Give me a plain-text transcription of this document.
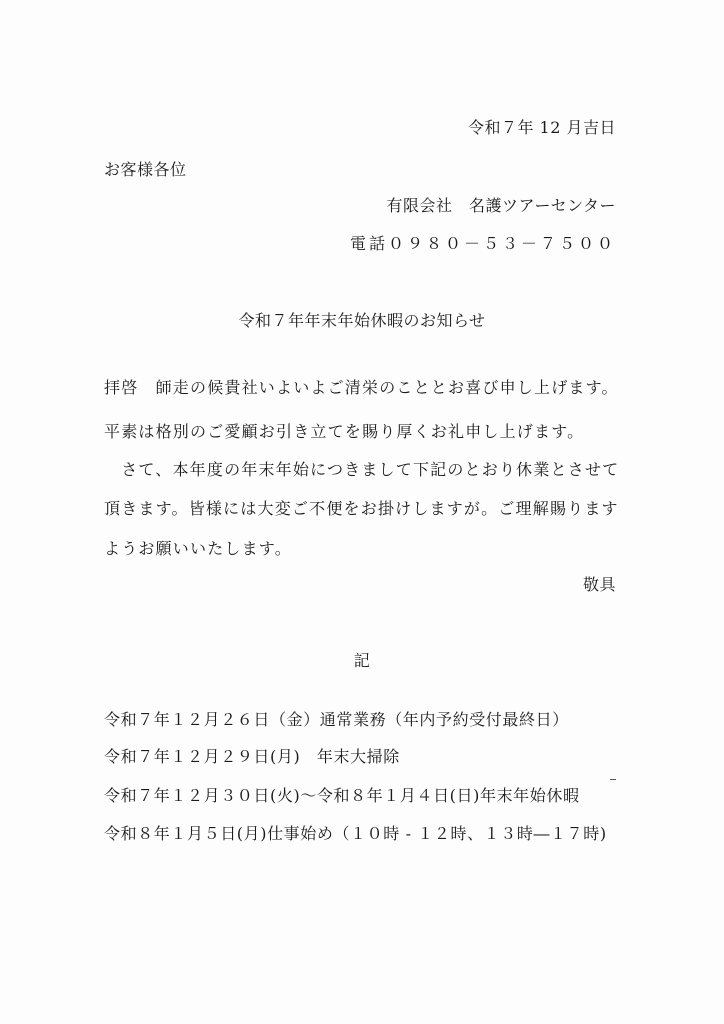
令和７年 12 月吉日
お客様各位
有限会社　名護ツアーセンター
電話０９８０－５３－７５００
令和７年年末年始休暇のお知らせ
拝啓　師走の候貴社いよいよご清栄のこととお喜び申し上げます。
平素は格別のご愛顧お引き立てを賜り厚くお礼申し上げます。
　さて、本年度の年末年始につきまして下記のとおり休業とさせて
頂きます。皆様には大変ご不便をお掛けしますが。ご理解賜ります
ようお願いいたします。
敬具
記
令和７年１２月２６日（金）通常業務（年内予約受付最終日）
令和７年１２月２９日(月)　年末大掃除
令和７年１２月３０日(火)～令和８年１月４日(日)年末年始休暇
令和８年１月５日(月)仕事始め（１０時 - １２時、１３時―１７時)
